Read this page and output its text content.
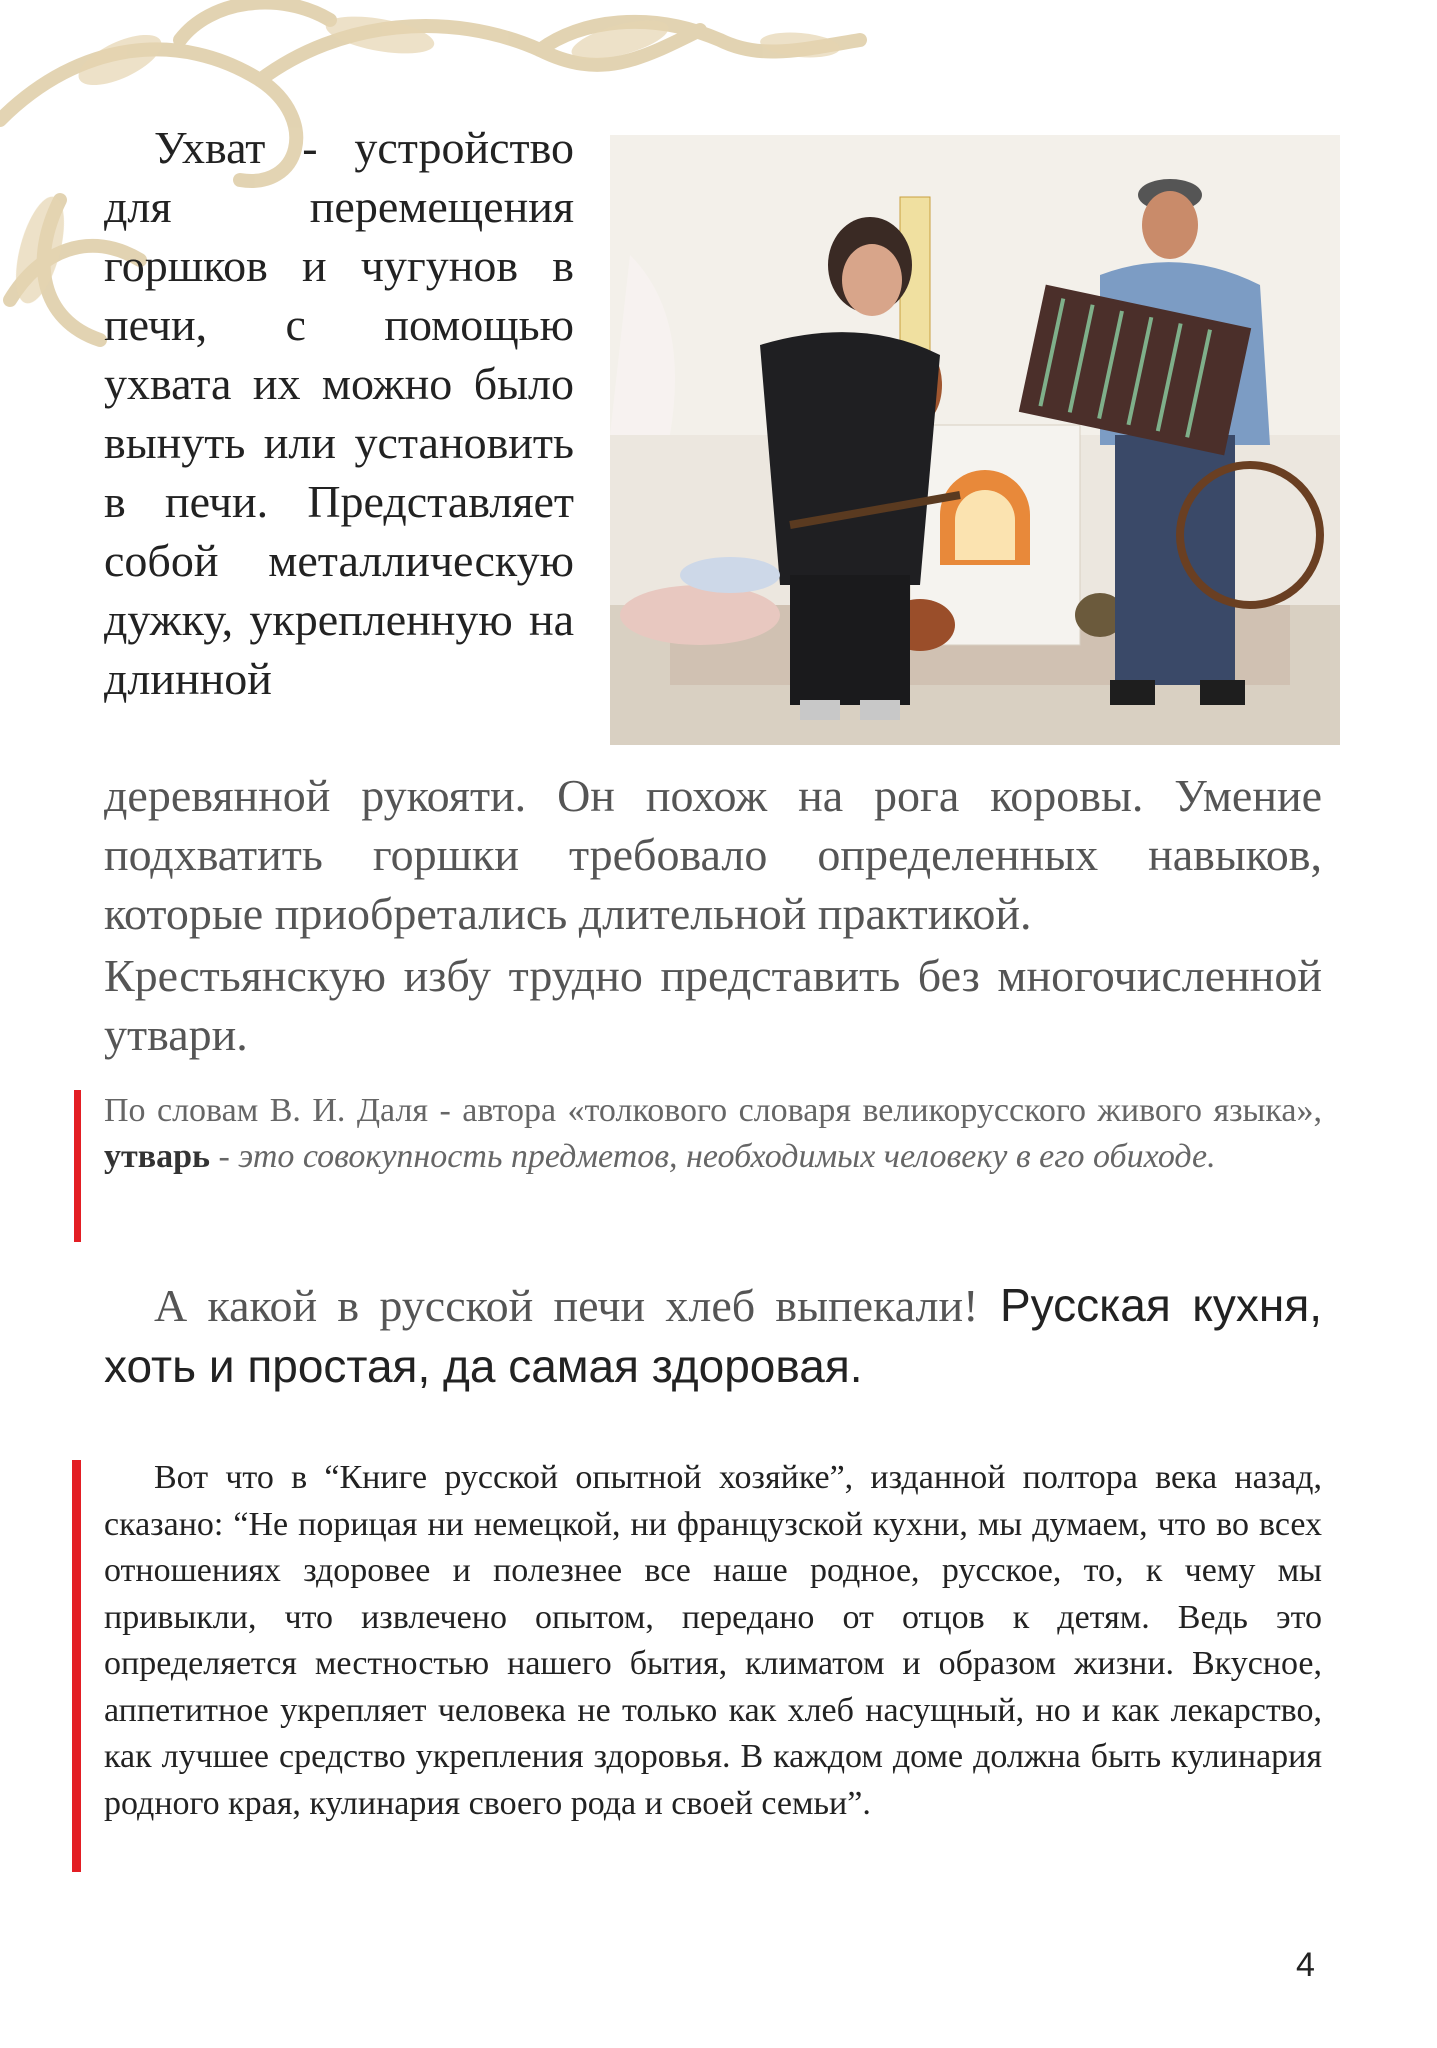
Ухват - устройство для перемещения горшков и чугунов в печи, с помощью ухвата их можно было вынуть или установить в печи. Представляет собой металлическую дужку, укрепленную на длинной
деревянной рукояти. Он похож на рога коровы. Умение подхватить горшки требовало определенных навыков, которые приобретались длительной практикой.
Крестьянскую избу трудно представить без многочисленной утвари.
По словам В. И. Даля - автора «толкового словаря великорусского живого языка», утварь - это совокупность предметов, необходимых человеку в его обиходе.
А какой в русской печи хлеб выпекали! Русская кухня, хоть и простая, да самая здоровая.
Вот что в “Книге русской опытной хозяйке”, изданной полтора века назад, сказано: “Не порицая ни немецкой, ни французской кухни, мы думаем, что во всех отношениях здоровее и полезнее все наше родное, русское, то, к чему мы привыкли, что извлечено опытом, передано от отцов к детям. Ведь это определяется местностью нашего бытия, климатом и образом жизни. Вкусное, аппетитное укрепляет человека не только как хлеб насущный, но и как лекарство, как лучшее средство укрепления здоровья. В каждом доме должна быть кулинария родного края, кулинария своего рода и своей семьи”.
4
